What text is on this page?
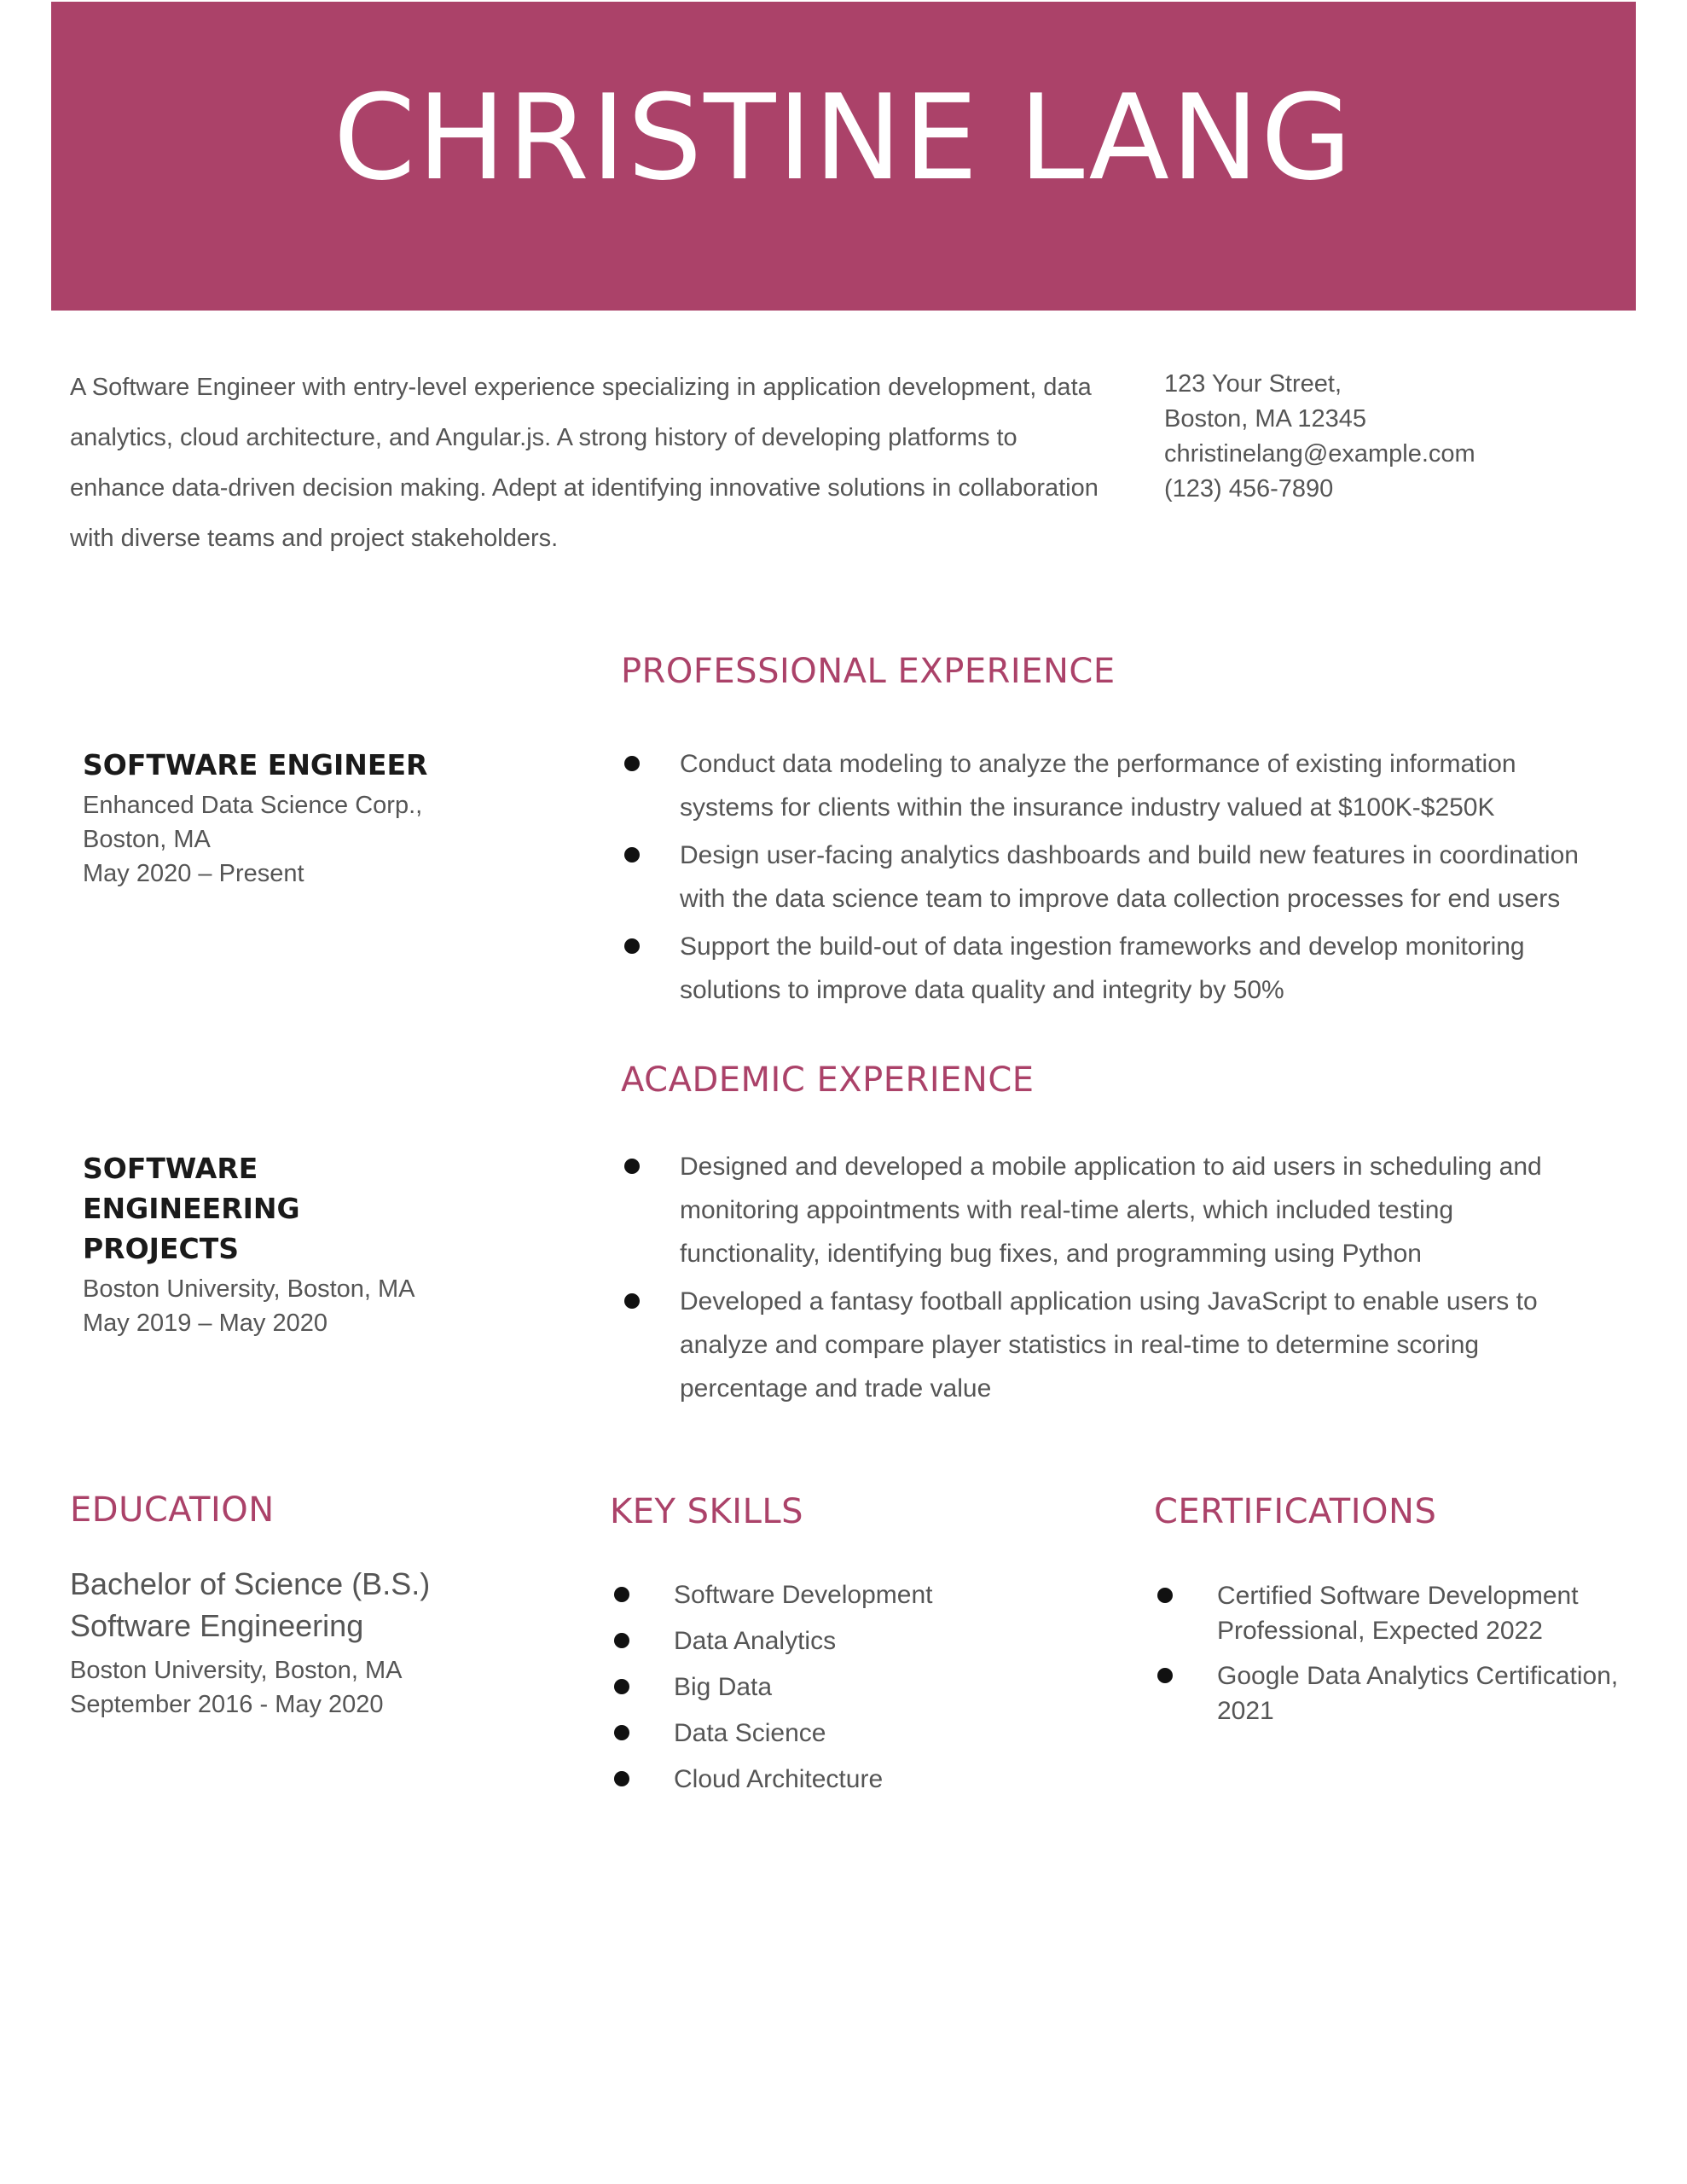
CHRISTINE LANG
A Software Engineer with entry-level experience specializing in application development, data analytics, cloud architecture, and Angular.js. A strong history of developing platforms to enhance data-driven decision making. Adept at identifying innovative solutions in collaboration with diverse teams and project stakeholders.
123 Your Street,
Boston, MA 12345
christinelang@example.com
(123) 456-7890
PROFESSIONAL EXPERIENCE
SOFTWARE ENGINEER
Enhanced Data Science Corp.,
Boston, MA
May 2020 – Present
Conduct data modeling to analyze the performance of existing information systems for clients within the insurance industry valued at $100K-$250K
Design user-facing analytics dashboards and build new features in coordination with the data science team to improve data collection processes for end users
Support the build-out of data ingestion frameworks and develop monitoring solutions to improve data quality and integrity by 50%
ACADEMIC EXPERIENCE
SOFTWARE ENGINEERING PROJECTS
Boston University, Boston, MA
May 2019 – May 2020
Designed and developed a mobile application to aid users in scheduling and monitoring appointments with real-time alerts, which included testing functionality, identifying bug fixes, and programming using Python
Developed a fantasy football application using JavaScript to enable users to analyze and compare player statistics in real-time to determine scoring percentage and trade value
EDUCATION
Bachelor of Science (B.S.)
Software Engineering
Boston University, Boston, MA
September 2016 - May 2020
KEY SKILLS
Software Development
Data Analytics
Big Data
Data Science
Cloud Architecture
CERTIFICATIONS
Certified Software Development Professional, Expected 2022
Google Data Analytics Certification, 2021
